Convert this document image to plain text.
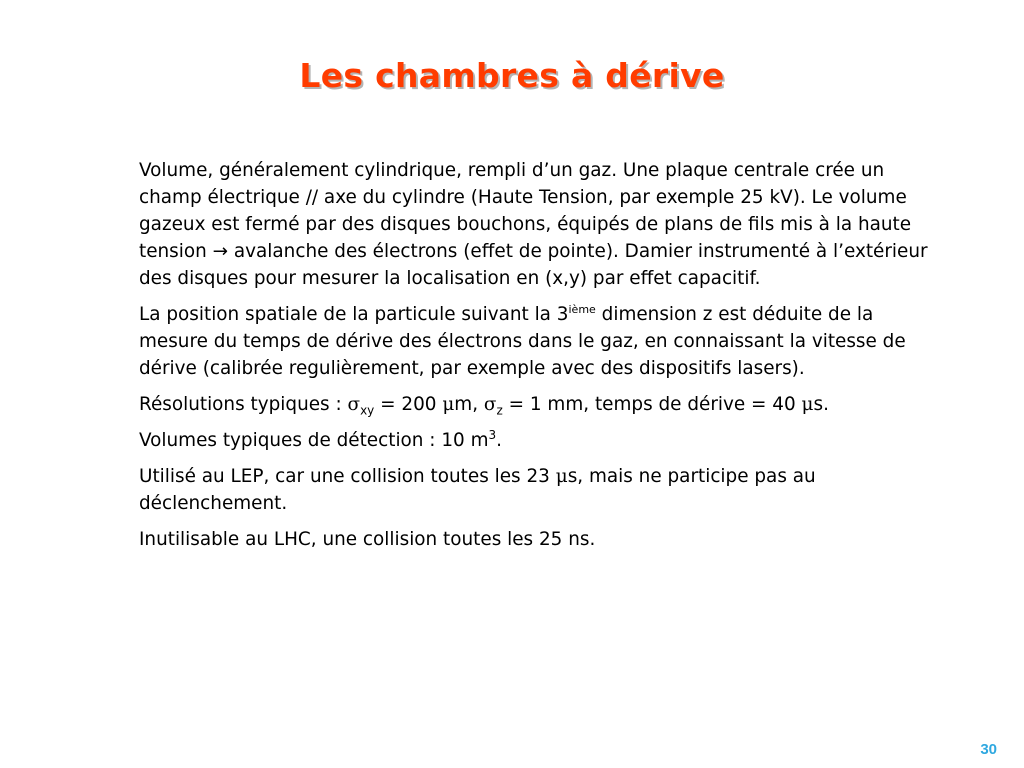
Les chambres à dérive

Volume, généralement cylindrique, rempli d’un gaz. Une plaque centrale crée un champ électrique // axe du cylindre (Haute Tension, par exemple 25 kV). Le volume gazeux est fermé par des disques bouchons, équipés de plans de fils mis à la haute tension → avalanche des électrons (effet de pointe). Damier instrumenté à l’extérieur des disques pour mesurer la localisation en (x,y) par effet capacitif.

La position spatiale de la particule suivant la 3ième dimension z est déduite de la mesure du temps de dérive des électrons dans le gaz, en connaissant la vitesse de dérive (calibrée regulièrement, par exemple avec des dispositifs lasers).

Résolutions typiques : $\sigma_{xy} = 200$ μm, $\sigma_z = 1$ mm, temps de dérive = 40 μs.

Volumes typiques de détection : 10 $m^3$.

Utilisé au LEP, car une collision toutes les 23 μs, mais ne participe pas au déclenchement.

Inutilisable au LHC, une collision toutes les 25 ns.

30
